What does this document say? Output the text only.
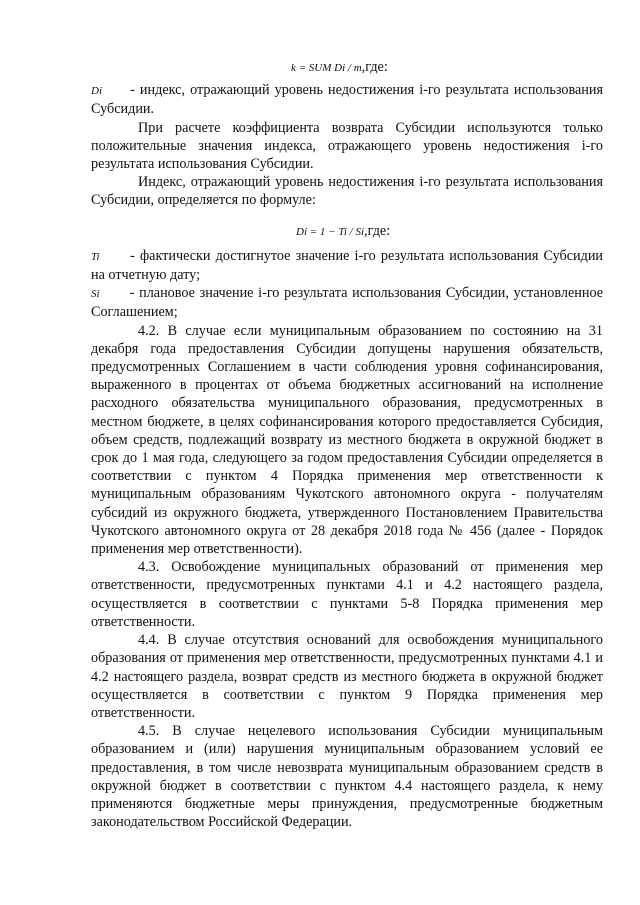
k = SUM Di / m,где:

Di - индекс, отражающий уровень недостижения i-го результата использования Субсидии.

При расчете коэффициента возврата Субсидии используются только положительные значения индекса, отражающего уровень недостижения i-го результата использования Субсидии.

Индекс, отражающий уровень недостижения i-го результата использования Субсидии, определяется по формуле:

Di = 1 − Ti / Si,где:

Ti - фактически достигнутое значение i-го результата использования Субсидии на отчетную дату;

Si - плановое значение i-го результата использования Субсидии, установленное Соглашением;

4.2. В случае если муниципальным образованием по состоянию на 31 декабря года предоставления Субсидии допущены нарушения обязательств, предусмотренных Соглашением в части соблюдения уровня софинансирования, выраженного в процентах от объема бюджетных ассигнований на исполнение расходного обязательства муниципального образования, предусмотренных в местном бюджете, в целях софинансирования которого предоставляется Субсидия, объем средств, подлежащий возврату из местного бюджета в окружной бюджет в срок до 1 мая года, следующего за годом предоставления Субсидии определяется в соответствии с пунктом 4 Порядка применения мер ответственности к муниципальным образованиям Чукотского автономного округа - получателям субсидий из окружного бюджета, утвержденного Постановлением Правительства Чукотского автономного округа от 28 декабря 2018 года № 456 (далее - Порядок применения мер ответственности).

4.3. Освобождение муниципальных образований от применения мер ответственности, предусмотренных пунктами 4.1 и 4.2 настоящего раздела, осуществляется в соответствии с пунктами 5-8 Порядка применения мер ответственности.

4.4. В случае отсутствия оснований для освобождения муниципального образования от применения мер ответственности, предусмотренных пунктами 4.1 и 4.2 настоящего раздела, возврат средств из местного бюджета в окружной бюджет осуществляется в соответствии с пунктом 9 Порядка применения мер ответственности.

4.5. В случае нецелевого использования Субсидии муниципальным образованием и (или) нарушения муниципальным образованием условий ее предоставления, в том числе невозврата муниципальным образованием средств в окружной бюджет в соответствии с пунктом 4.4 настоящего раздела, к нему применяются бюджетные меры принуждения, предусмотренные бюджетным законодательством Российской Федерации.
